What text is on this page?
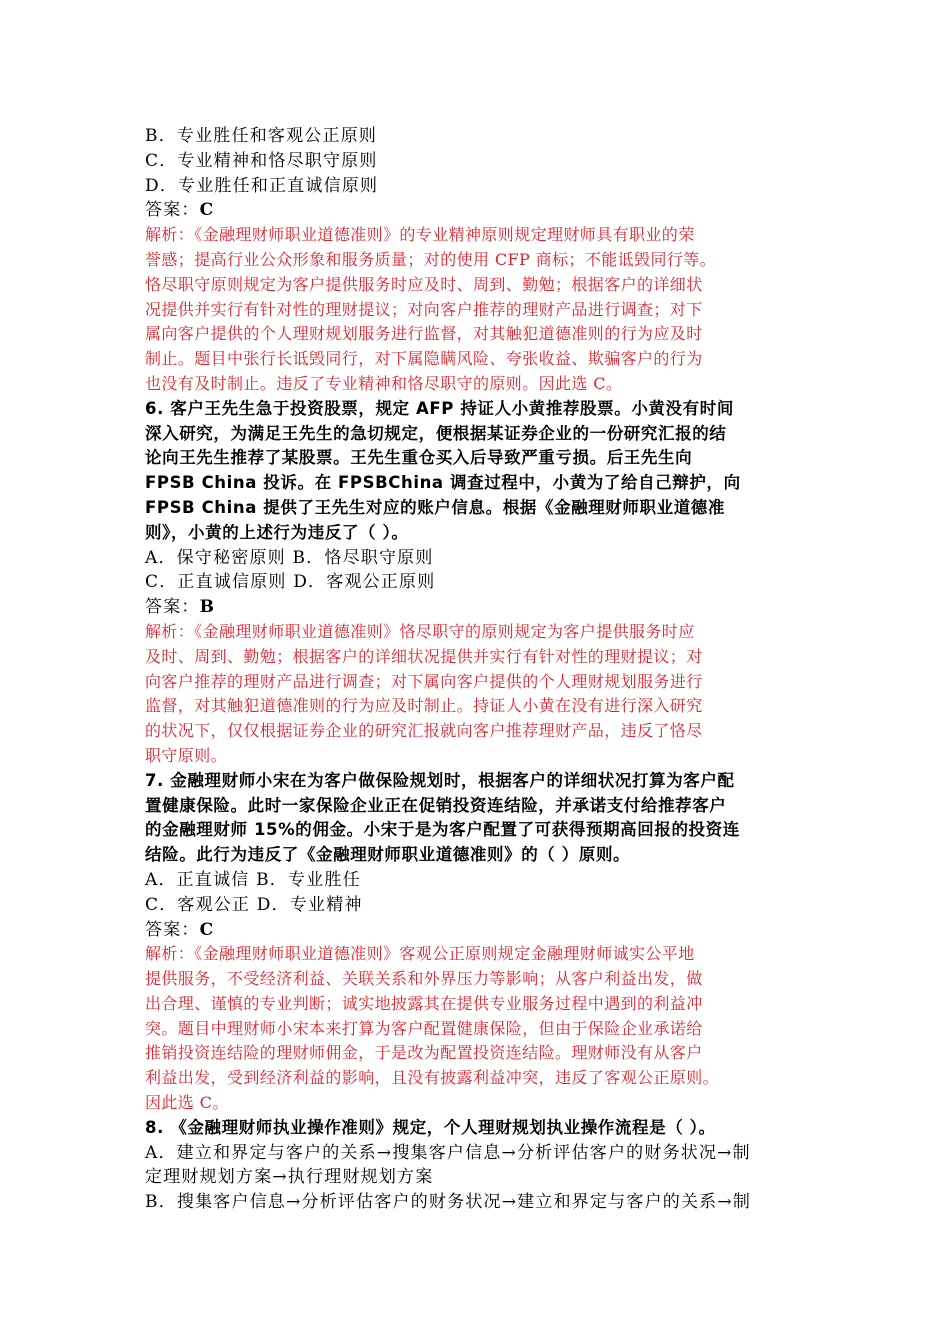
B．专业胜任和客观公正原则
C．专业精神和恪尽职守原则
D．专业胜任和正直诚信原则
答案：C
解析：《金融理财师职业道德准则》的专业精神原则规定理财师具有职业的荣
誉感；提高行业公众形象和服务质量；对的使用 CFP 商标；不能诋毁同行等。
恪尽职守原则规定为客户提供服务时应及时、周到、勤勉；根据客户的详细状
况提供并实行有针对性的理财提议；对向客户推荐的理财产品进行调查；对下
属向客户提供的个人理财规划服务进行监督，对其触犯道德准则的行为应及时
制止。题目中张行长诋毁同行，对下属隐瞒风险、夸张收益、欺骗客户的行为
也没有及时制止。违反了专业精神和恪尽职守的原则。因此选 C。
6. 客户王先生急于投资股票，规定 AFP 持证人小黄推荐股票。小黄没有时间
深入研究，为满足王先生的急切规定，便根据某证券企业的一份研究汇报的结
论向王先生推荐了某股票。王先生重仓买入后导致严重亏损。后王先生向
FPSB China 投诉。在 FPSBChina 调查过程中，小黄为了给自己辩护，向
FPSB China 提供了王先生对应的账户信息。根据《金融理财师职业道德准
则》，小黄的上述行为违反了（ ）。
A．保守秘密原则 B．恪尽职守原则
C．正直诚信原则 D．客观公正原则
答案：B
解析：《金融理财师职业道德准则》恪尽职守的原则规定为客户提供服务时应
及时、周到、勤勉；根据客户的详细状况提供并实行有针对性的理财提议；对
向客户推荐的理财产品进行调查；对下属向客户提供的个人理财规划服务进行
监督，对其触犯道德准则的行为应及时制止。持证人小黄在没有进行深入研究
的状况下，仅仅根据证券企业的研究汇报就向客户推荐理财产品，违反了恪尽
职守原则。
7. 金融理财师小宋在为客户做保险规划时，根据客户的详细状况打算为客户配
置健康保险。此时一家保险企业正在促销投资连结险，并承诺支付给推荐客户
的金融理财师 15%的佣金。小宋于是为客户配置了可获得预期高回报的投资连
结险。此行为违反了《金融理财师职业道德准则》的（ ）原则。
A．正直诚信 B．专业胜任
C．客观公正 D．专业精神
答案：C
解析：《金融理财师职业道德准则》客观公正原则规定金融理财师诚实公平地
提供服务，不受经济利益、关联关系和外界压力等影响；从客户利益出发，做
出合理、谨慎的专业判断；诚实地披露其在提供专业服务过程中遇到的利益冲
突。题目中理财师小宋本来打算为客户配置健康保险，但由于保险企业承诺给
推销投资连结险的理财师佣金，于是改为配置投资连结险。理财师没有从客户
利益出发，受到经济利益的影响，且没有披露利益冲突，违反了客观公正原则。
因此选 C。
8. 《金融理财师执业操作准则》规定，个人理财规划执业操作流程是（ ）。
A．建立和界定与客户的关系→搜集客户信息→分析评估客户的财务状况→制
定理财规划方案→执行理财规划方案
B．搜集客户信息→分析评估客户的财务状况→建立和界定与客户的关系→制
